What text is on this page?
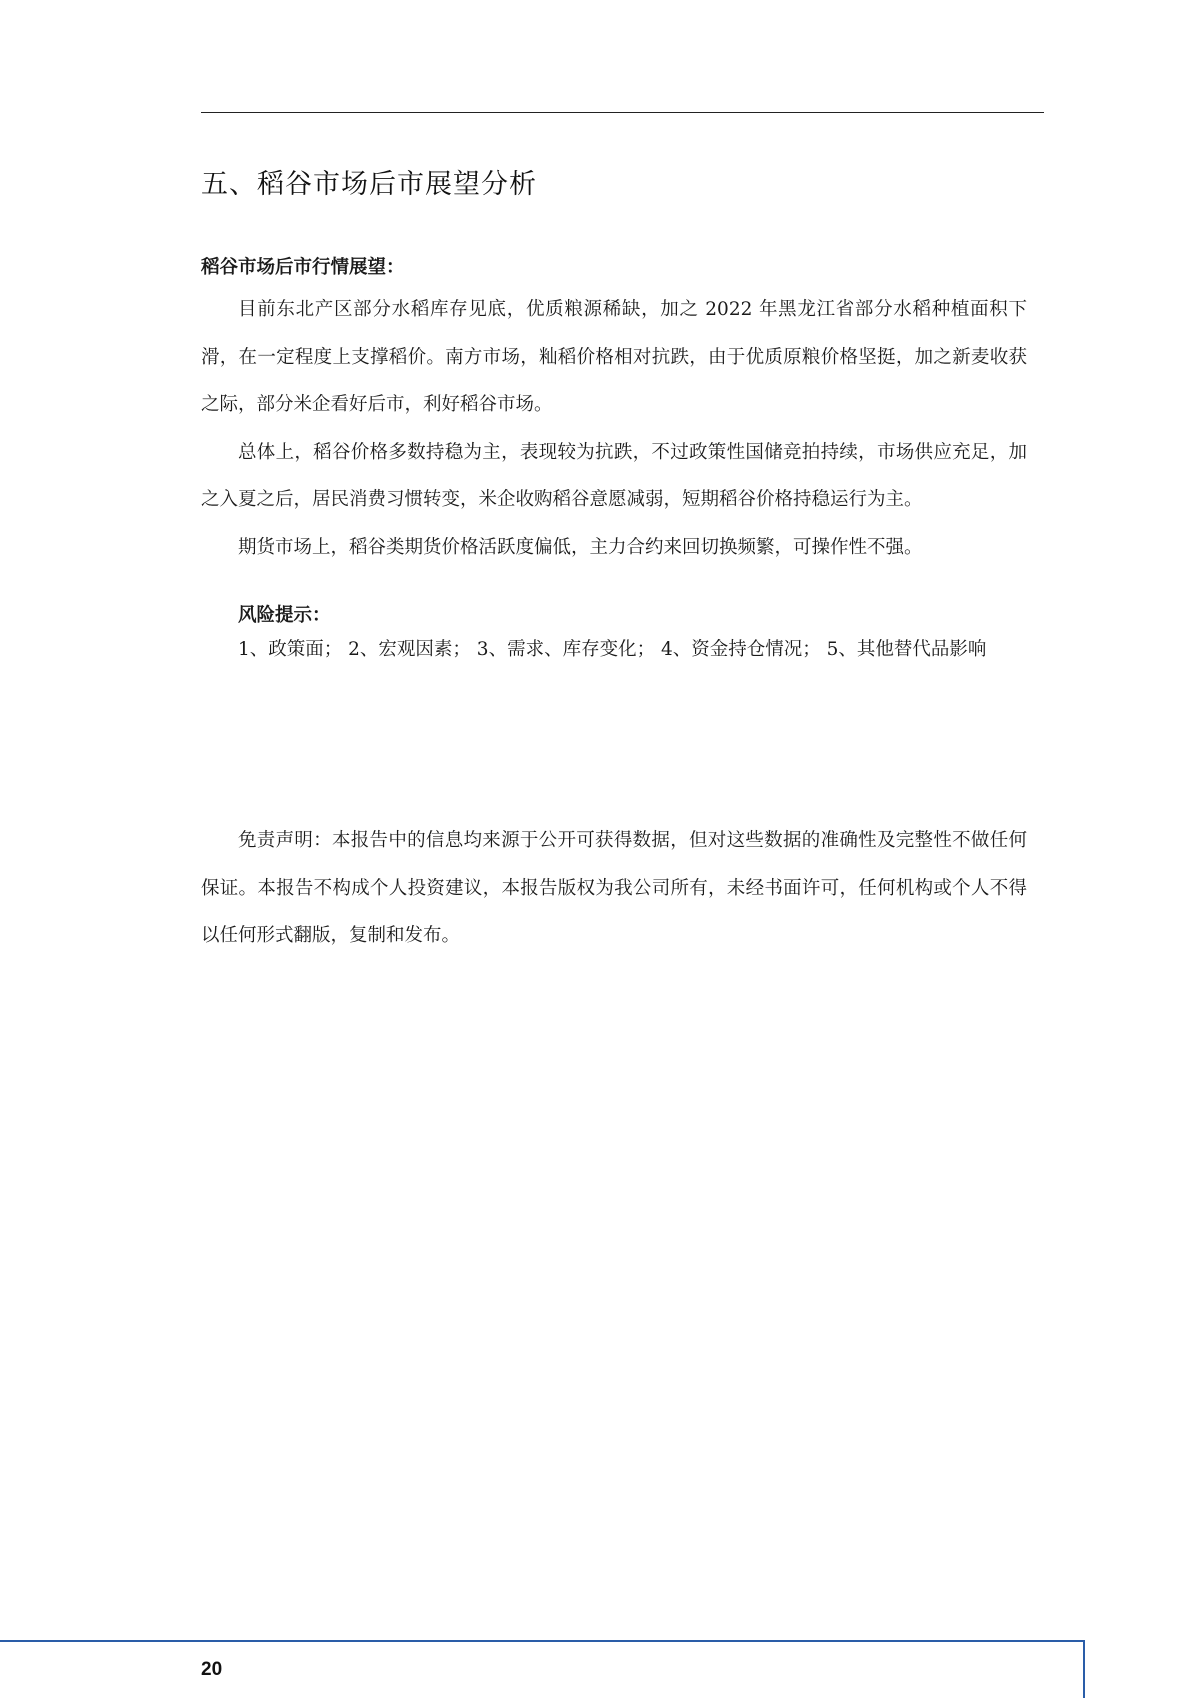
五、稻谷市场后市展望分析

稻谷市场后市行情展望：

目前东北产区部分水稻库存见底，优质粮源稀缺，加之 2022 年黑龙江省部分水稻种植面积下滑，在一定程度上支撑稻价。南方市场，籼稻价格相对抗跌，由于优质原粮价格坚挺，加之新麦收获之际，部分米企看好后市，利好稻谷市场。

总体上，稻谷价格多数持稳为主，表现较为抗跌，不过政策性国储竞拍持续，市场供应充足，加之入夏之后，居民消费习惯转变，米企收购稻谷意愿减弱，短期稻谷价格持稳运行为主。

期货市场上，稻谷类期货价格活跃度偏低，主力合约来回切换频繁，可操作性不强。

风险提示：

1、政策面； 2、宏观因素； 3、需求、库存变化； 4、资金持仓情况； 5、其他替代品影响

免责声明：本报告中的信息均来源于公开可获得数据，但对这些数据的准确性及完整性不做任何保证。本报告不构成个人投资建议，本报告版权为我公司所有，未经书面许可，任何机构或个人不得以任何形式翻版，复制和发布。

20
